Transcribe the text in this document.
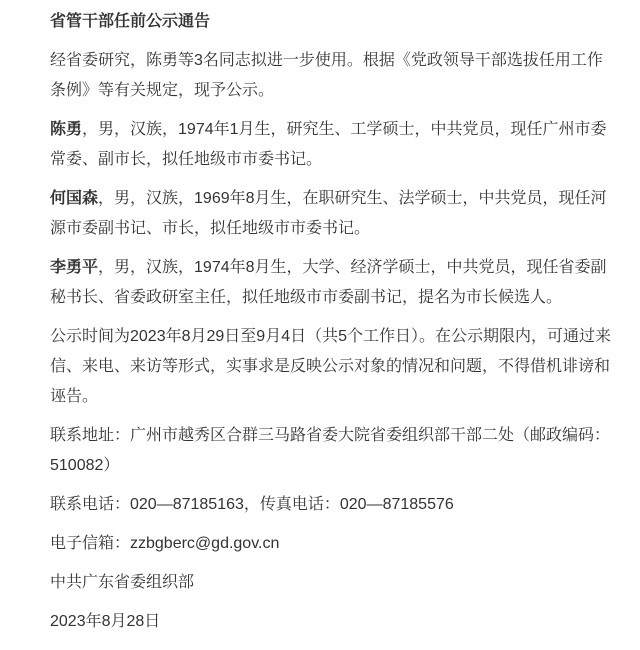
省管干部任前公示通告

经省委研究，陈勇等3名同志拟进一步使用。根据《党政领导干部选拔任用工作条例》等有关规定，现予公示。

陈勇，男，汉族，1974年1月生，研究生、工学硕士，中共党员，现任广州市委常委、副市长，拟任地级市市委书记。

何国森，男，汉族，1969年8月生，在职研究生、法学硕士，中共党员，现任河源市委副书记、市长，拟任地级市市委书记。

李勇平，男，汉族，1974年8月生，大学、经济学硕士，中共党员，现任省委副秘书长、省委政研室主任，拟任地级市市委副书记，提名为市长候选人。

公示时间为2023年8月29日至9月4日（共5个工作日）。在公示期限内，可通过来信、来电、来访等形式，实事求是反映公示对象的情况和问题，不得借机诽谤和诬告。

联系地址：广州市越秀区合群三马路省委大院省委组织部干部二处（邮政编码：510082）

联系电话：020—87185163，传真电话：020—87185576

电子信箱：zzbgberc@gd.gov.cn

中共广东省委组织部

2023年8月28日
